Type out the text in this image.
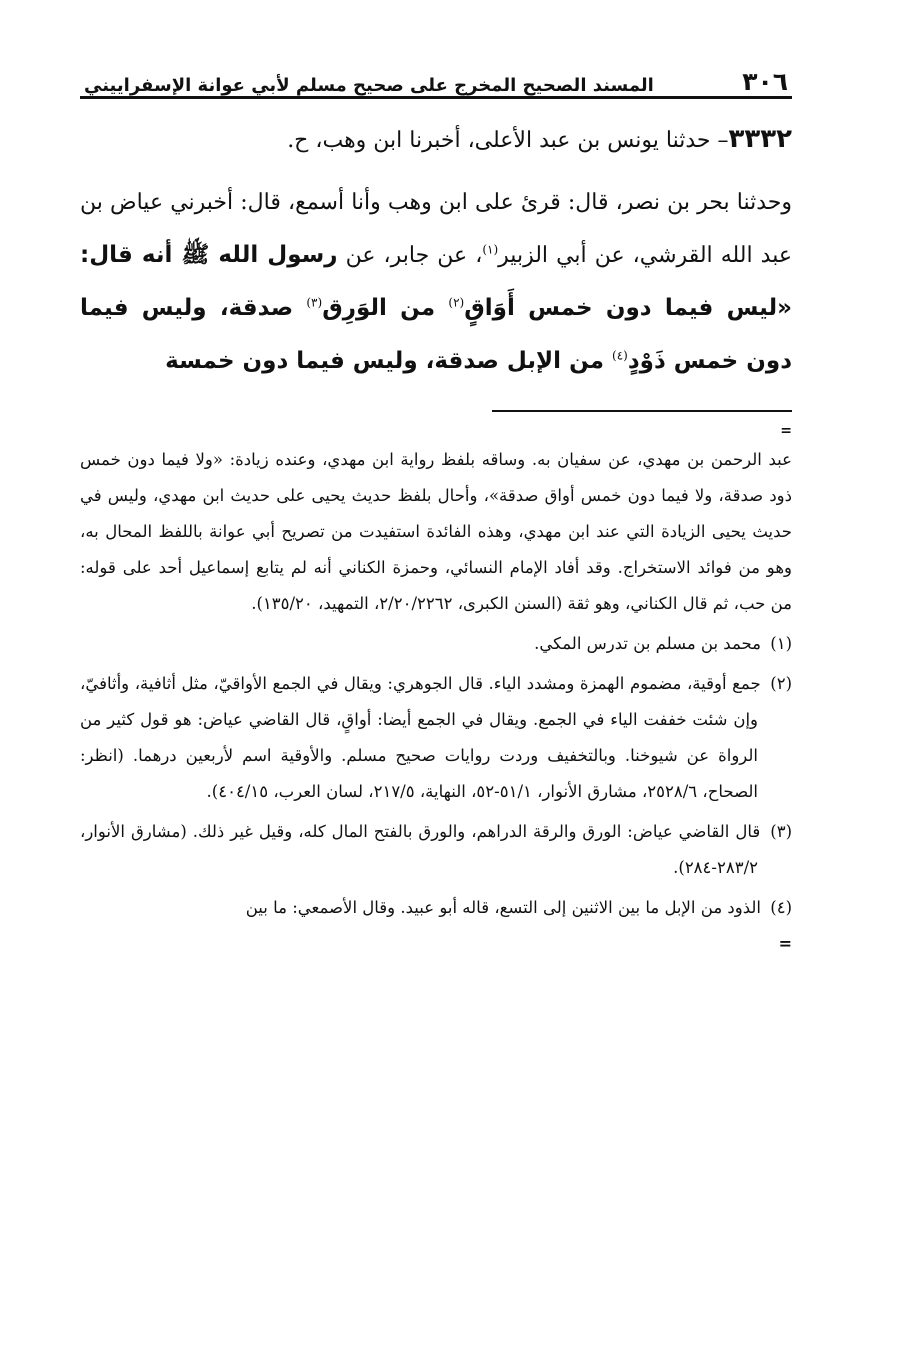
٣٠٦
المسند الصحيح المخرج على صحيح مسلم لأبي عوانة الإسفراييني
٣٣٣٢– حدثنا يونس بن عبد الأعلى، أخبرنا ابن وهب، ح.
وحدثنا بحر بن نصر، قال: قرئ على ابن وهب وأنا أسمع، قال: أخبرني عياض بن عبد الله القرشي، عن أبي الزبير$^{(١)}$، عن جابر، عن رسول الله ﷺ أنه قال: «ليس فيما دون خمس أَوَاقٍ$^{(٢)}$ من الوَرِق$^{(٣)}$ صدقة، وليس فيما دون خمس ذَوْدٍ$^{(٤)}$ من الإبل صدقة، وليس فيما دون خمسة
=

عبد الرحمن بن مهدي، عن سفيان به. وساقه بلفظ رواية ابن مهدي، وعنده زيادة: «ولا فيما دون خمس ذود صدقة، ولا فيما دون خمس أواق صدقة»، وأحال بلفظ حديث يحيى على حديث ابن مهدي، وليس في حديث يحيى الزيادة التي عند ابن مهدي، وهذه الفائدة استفيدت من تصريح أبي عوانة باللفظ المحال به، وهو من فوائد الاستخراج. وقد أفاد الإمام النسائي، وحمزة الكناني أنه لم يتابع إسماعيل أحد على قوله: من حب، ثم قال الكناني، وهو ثقة (السنن الكبرى، ٢/٢٠/٢٢٦٢، التمهيد، ١٣٥/٢٠).

(١) محمد بن مسلم بن تدرس المكي.

(٢) جمع أوقية، مضموم الهمزة ومشدد الياء. قال الجوهري: ويقال في الجمع الأواقيّ، مثل أثافية، وأثافيّ، وإن شئت خففت الياء في الجمع. ويقال في الجمع أيضا: أواقٍ، قال القاضي عياض: هو قول كثير من الرواة عن شيوخنا. وبالتخفيف وردت روايات صحيح مسلم. والأوقية اسم لأربعين درهما. (انظر: الصحاح، ٢٥٢٨/٦، مشارق الأنوار، ٥١/١-٥٢، النهاية، ٢١٧/٥، لسان العرب، ٤٠٤/١٥).

(٣) قال القاضي عياض: الورق والرقة الدراهم، والورق بالفتح المال كله، وقيل غير ذلك. (مشارق الأنوار، ٢٨٣/٢-٢٨٤).

(٤) الذود من الإبل ما بين الاثنين إلى التسع، قاله أبو عبيد. وقال الأصمعي: ما بين

=
